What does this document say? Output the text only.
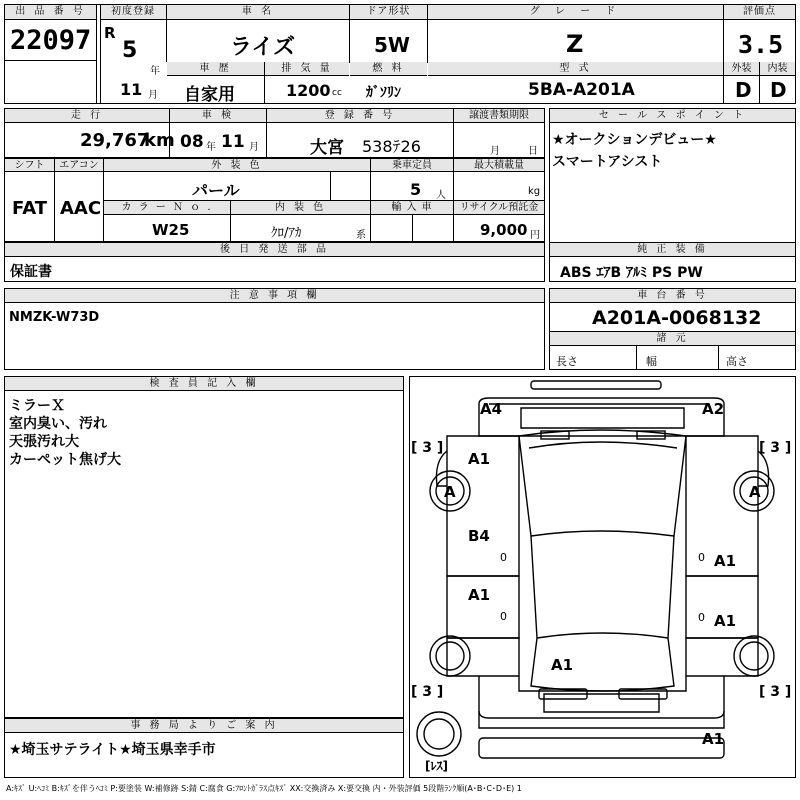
出 品 番 号
22097
初度登録
R
5
年
11 月
車 名
ライズ
ドア形状
5W
グ レ ー ド
Z
評価点
3.5
車 歴
自家用
排 気 量
1200 cc
燃 料
ｶﾞｿﾘﾝ
型 式
5BA-A201A
外装	内装
D D
走 行
29,767
km
車 検
08 年 11 月
登 録 番 号
大宮 538ﾃ26
譲渡書類期限
月	日
セ ー ル ス ポ イ ン ト
★オークションデビュー★
スマートアシスト
シフト	エアコン
FAT AAC
外 装 色
パール
乗車定員
5 人
最大積載量
kg
カ ラ ー Ｎ ｏ .
W25
内 装 色
ｸﾛ/ｱｶ	系
輸 入 車	リサイクル預託金
9,000 円
後 日 発 送 部 品
保証書
純 正 装 備
ABS ｴｱB ｱﾙﾐ PS PW
注 意 事 項 欄
NMZK-W73D
車 台 番 号
A201A-0068132
諸 元
長さ	幅	高さ
検 査 員 記 入 欄
ミラーＸ
室内臭い、汚れ
天張汚れ大
カーペット焦げ大
事 務 局 よ り ご 案 内
★埼玉サテライト★埼玉県幸手市
A4	A2
[ 3 ]	[ 3 ]
A1
A	A
B4
0	A1
0
A1
0	A1
0
A1
[ 3 ]	[ 3 ]
A1
[ﾚｽ]
A:ｷｽﾞ U:ﾍｺﾐ B:ｷｽﾞを伴うﾍｺﾐ P:要塗装 W:補修跡 S:錆 C:腐食 G:ﾌﾛﾝﾄｶﾞﾗｽ点ｷｽﾞ XX:交換済み X:要交換 内・外装評価 5段階ﾗﾝｸ順(A･B･C･D･E) 1
